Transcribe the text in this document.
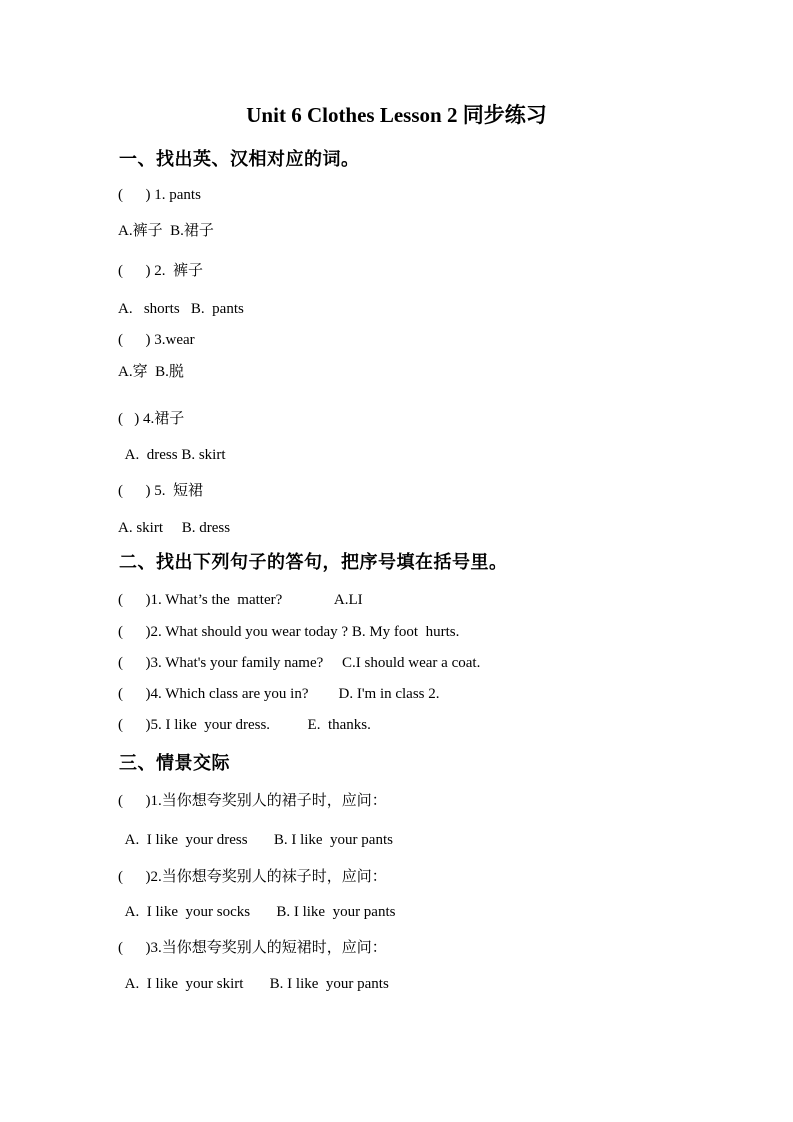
Unit 6 Clothes Lesson 2 同步练习
一、找出英、汉相对应的词。
(      ) 1. pants
A.裤子  B.裙子
(      ) 2.  裤子
A.   shorts   B.  pants
(      ) 3.wear
A.穿  B.脱
(   ) 4.裙子
A.  dress B. skirt
(      ) 5.  短裙
A. skirt     B. dress
二、找出下列句子的答句，把序号填在括号里。
(      )1. What’s the  matter?              A.LI
(      )2. What should you wear today ? B. My foot  hurts.
(      )3. What's your family name?     C.I should wear a coat.
(      )4. Which class are you in?        D. I'm in class 2.
(      )5. I like  your dress.          E.  thanks.
三、情景交际
(      )1.当你想夸奖别人的裙子时，应问：
A.  I like  your dress       B. I like  your pants
(      )2.当你想夸奖别人的袜子时，应问：
A.  I like  your socks       B. I like  your pants
(      )3.当你想夸奖别人的短裙时，应问：
A.  I like  your skirt       B. I like  your pants
